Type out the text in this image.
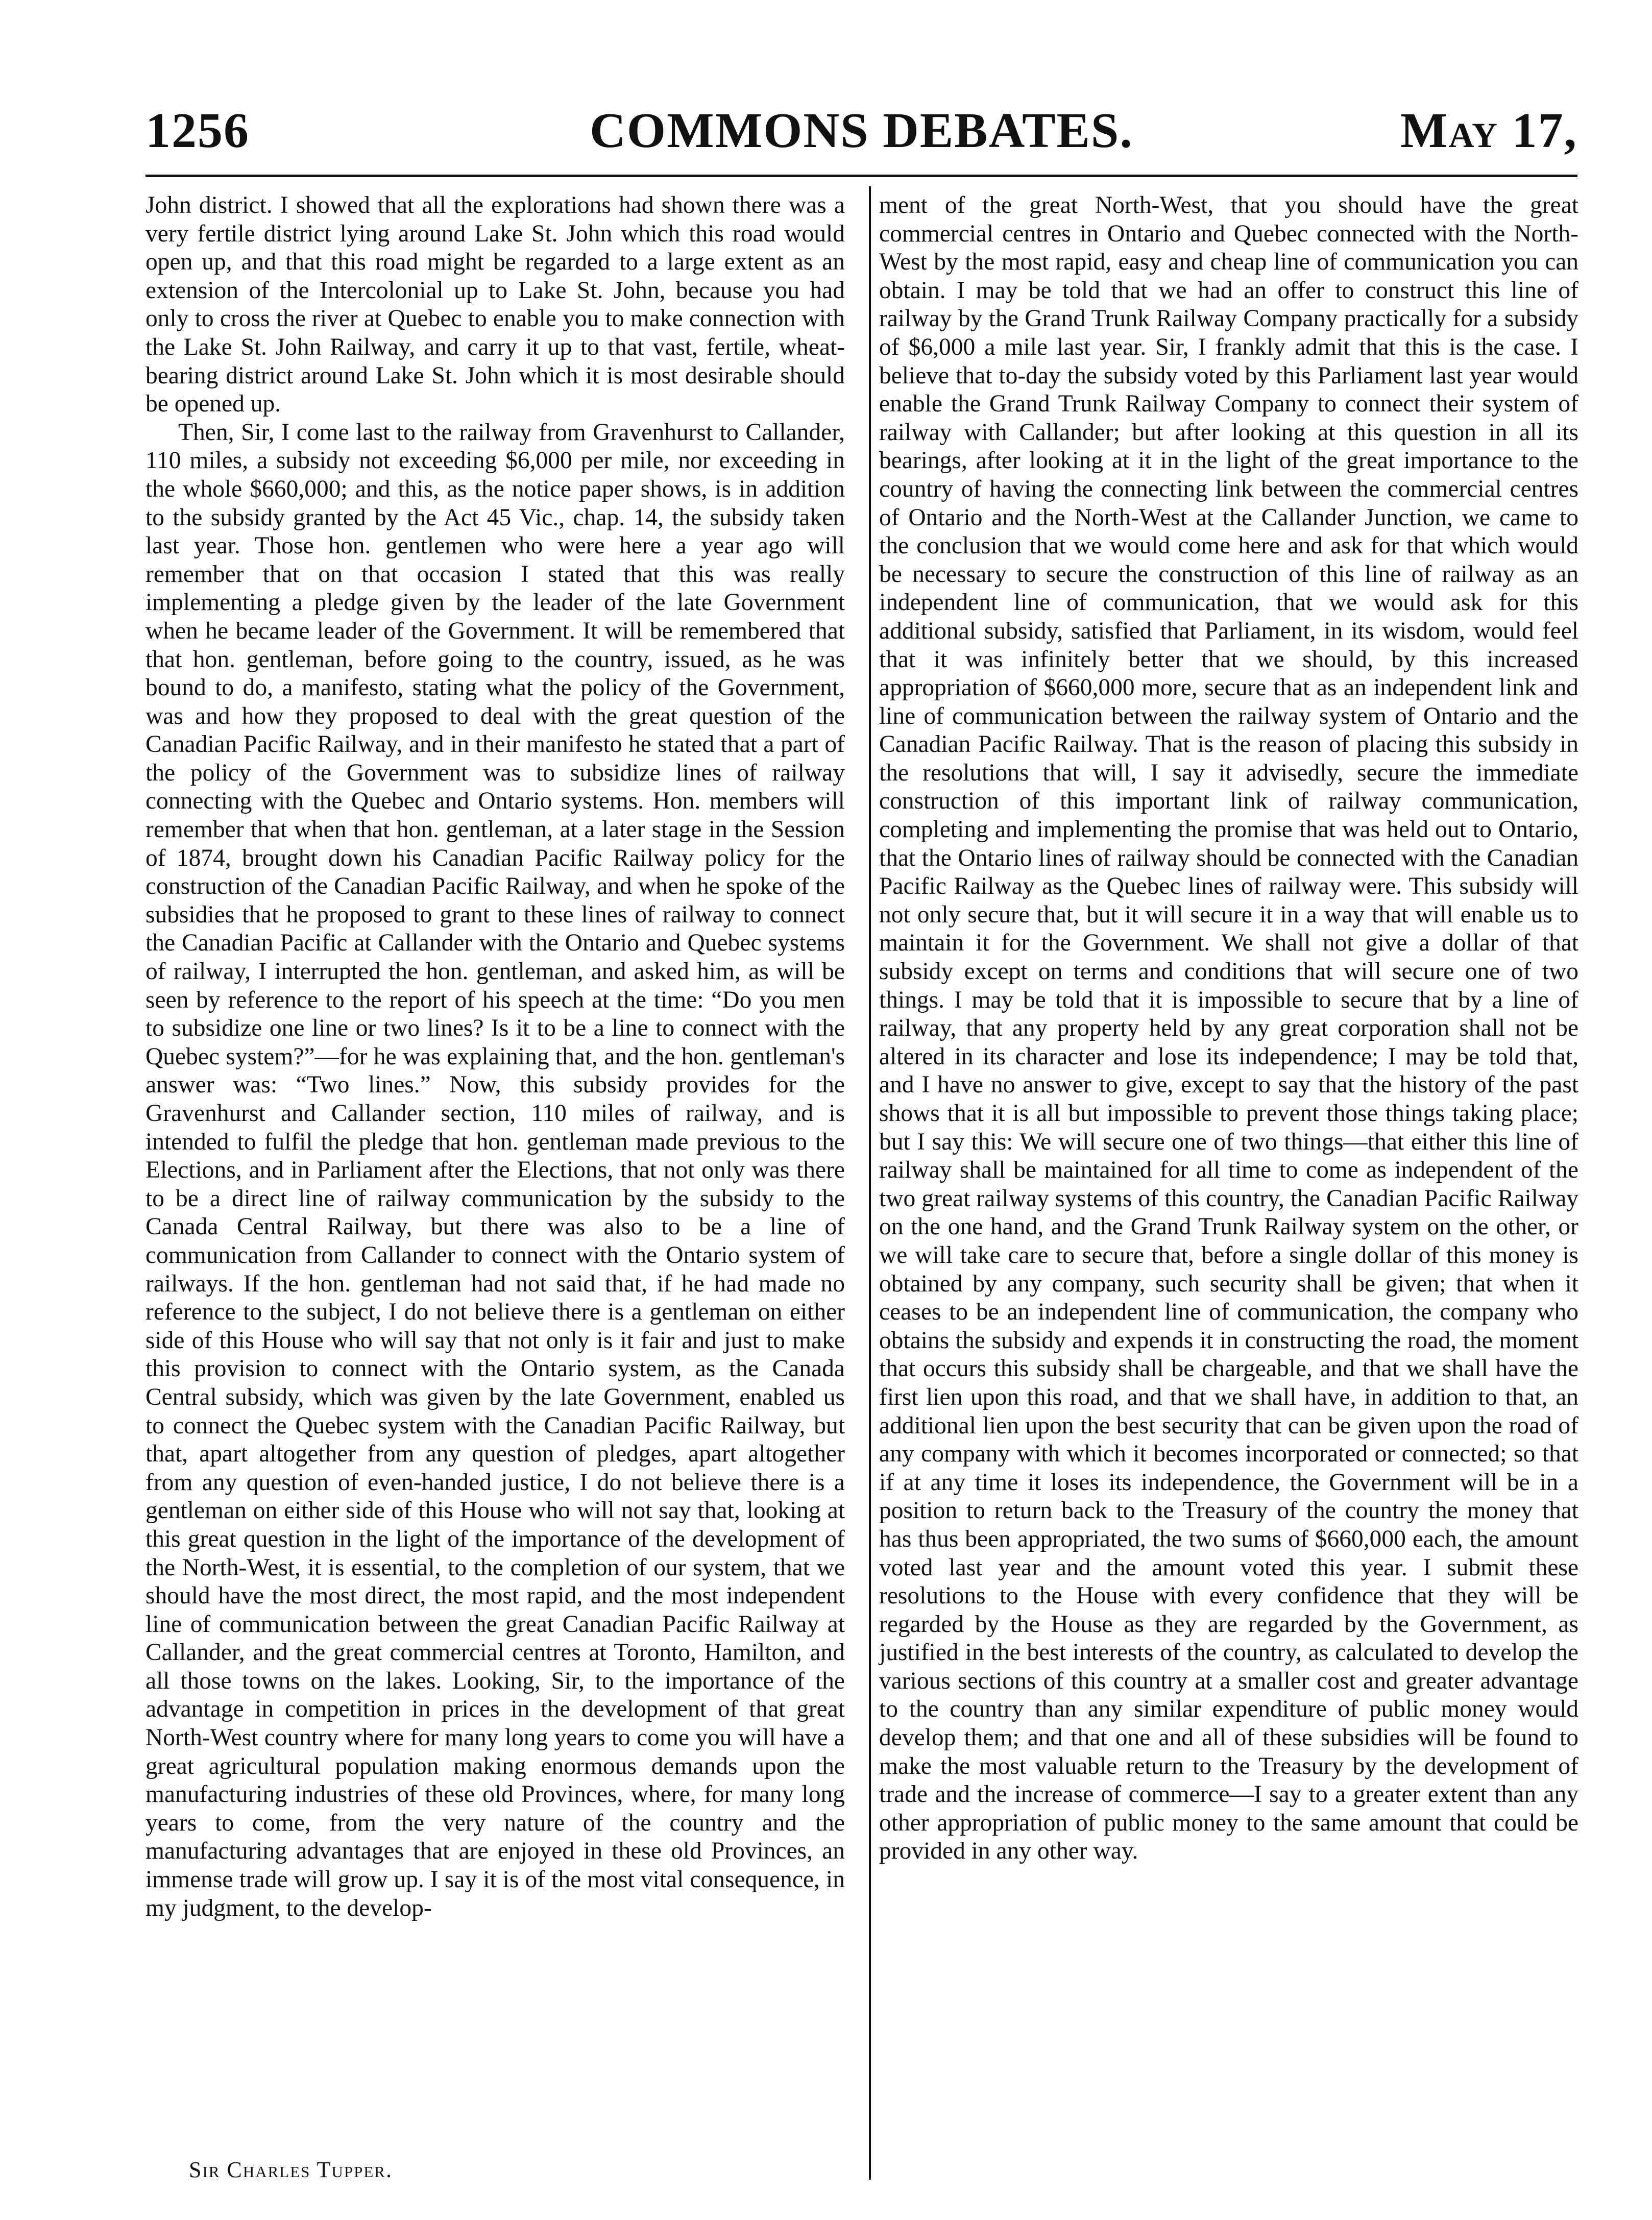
1256	COMMONS DEBATES.	May 17,

John district. I showed that all the explorations had shown there was a very fertile district lying around Lake St. John which this road would open up, and that this road might be regarded to a large extent as an extension of the Intercolonial up to Lake St. John, because you had only to cross the river at Quebec to enable you to make connection with the Lake St. John Railway, and carry it up to that vast, fertile, wheat-bearing district around Lake St. John which it is most desirable should be opened up.

Then, Sir, I come last to the railway from Gravenhurst to Callander, 110 miles, a subsidy not exceeding $6,000 per mile, nor exceeding in the whole $660,000; and this, as the notice paper shows, is in addition to the subsidy granted by the Act 45 Vic., chap. 14, the subsidy taken last year. Those hon. gentlemen who were here a year ago will remember that on that occasion I stated that this was really implementing a pledge given by the leader of the late Government when he became leader of the Government. It will be remembered that that hon. gentleman, before going to the country, issued, as he was bound to do, a manifesto, stating what the policy of the Government, was and how they proposed to deal with the great question of the Canadian Pacific Railway, and in their manifesto he stated that a part of the policy of the Government was to subsidize lines of railway connecting with the Quebec and Ontario systems. Hon. members will remember that when that hon. gentleman, at a later stage in the Session of 1874, brought down his Canadian Pacific Railway policy for the construction of the Canadian Pacific Railway, and when he spoke of the subsidies that he proposed to grant to these lines of railway to connect the Canadian Pacific at Callander with the Ontario and Quebec systems of railway, I interrupted the hon. gentleman, and asked him, as will be seen by reference to the report of his speech at the time: “Do you men to subsidize one line or two lines? Is it to be a line to connect with the Quebec system?”—for he was explaining that, and the hon. gentleman's answer was: “Two lines.” Now, this subsidy provides for the Gravenhurst and Callander section, 110 miles of railway, and is intended to fulfil the pledge that hon. gentleman made previous to the Elections, and in Parliament after the Elections, that not only was there to be a direct line of railway communication by the subsidy to the Canada Central Railway, but there was also to be a line of communication from Callander to connect with the Ontario system of railways. If the hon. gentleman had not said that, if he had made no reference to the subject, I do not believe there is a gentleman on either side of this House who will say that not only is it fair and just to make this provision to connect with the Ontario system, as the Canada Central subsidy, which was given by the late Government, enabled us to connect the Quebec system with the Canadian Pacific Railway, but that, apart altogether from any question of pledges, apart altogether from any question of even-handed justice, I do not believe there is a gentleman on either side of this House who will not say that, looking at this great question in the light of the importance of the development of the North-West, it is essential, to the completion of our system, that we should have the most direct, the most rapid, and the most independent line of communication between the great Canadian Pacific Railway at Callander, and the great commercial centres at Toronto, Hamilton, and all those towns on the lakes. Looking, Sir, to the importance of the advantage in competition in prices in the development of that great North-West country where for many long years to come you will have a great agricultural population making enormous demands upon the manufacturing industries of these old Provinces, where, for many long years to come, from the very nature of the country and the manufacturing advantages that are enjoyed in these old Provinces, an immense trade will grow up. I say it is of the most vital consequence, in my judgment, to the develop-

ment of the great North-West, that you should have the great commercial centres in Ontario and Quebec connected with the North-West by the most rapid, easy and cheap line of communication you can obtain. I may be told that we had an offer to construct this line of railway by the Grand Trunk Railway Company practically for a subsidy of $6,000 a mile last year. Sir, I frankly admit that this is the case. I believe that to-day the subsidy voted by this Parliament last year would enable the Grand Trunk Railway Company to connect their system of railway with Callander; but after looking at this question in all its bearings, after looking at it in the light of the great importance to the country of having the connecting link between the commercial centres of Ontario and the North-West at the Callander Junction, we came to the conclusion that we would come here and ask for that which would be necessary to secure the construction of this line of railway as an independent line of communication, that we would ask for this additional subsidy, satisfied that Parliament, in its wisdom, would feel that it was infinitely better that we should, by this increased appropriation of $660,000 more, secure that as an independent link and line of communication between the railway system of Ontario and the Canadian Pacific Railway. That is the reason of placing this subsidy in the resolutions that will, I say it advisedly, secure the immediate construction of this important link of railway communication, completing and implementing the promise that was held out to Ontario, that the Ontario lines of railway should be connected with the Canadian Pacific Railway as the Quebec lines of railway were. This subsidy will not only secure that, but it will secure it in a way that will enable us to maintain it for the Government. We shall not give a dollar of that subsidy except on terms and conditions that will secure one of two things. I may be told that it is impossible to secure that by a line of railway, that any property held by any great corporation shall not be altered in its character and lose its independence; I may be told that, and I have no answer to give, except to say that the history of the past shows that it is all but impossible to prevent those things taking place; but I say this: We will secure one of two things—that either this line of railway shall be maintained for all time to come as independent of the two great railway systems of this country, the Canadian Pacific Railway on the one hand, and the Grand Trunk Railway system on the other, or we will take care to secure that, before a single dollar of this money is obtained by any company, such security shall be given; that when it ceases to be an independent line of communication, the company who obtains the subsidy and expends it in constructing the road, the moment that occurs this subsidy shall be chargeable, and that we shall have the first lien upon this road, and that we shall have, in addition to that, an additional lien upon the best security that can be given upon the road of any company with which it becomes incorporated or connected; so that if at any time it loses its independence, the Government will be in a position to return back to the Treasury of the country the money that has thus been appropriated, the two sums of $660,000 each, the amount voted last year and the amount voted this year. I submit these resolutions to the House with every confidence that they will be regarded by the House as they are regarded by the Government, as justified in the best interests of the country, as calculated to develop the various sections of this country at a smaller cost and greater advantage to the country than any similar expenditure of public money would develop them; and that one and all of these subsidies will be found to make the most valuable return to the Treasury by the development of trade and the increase of commerce—I say to a greater extent than any other appropriation of public money to the same amount that could be provided in any other way.

Sir Charles Tupper.
